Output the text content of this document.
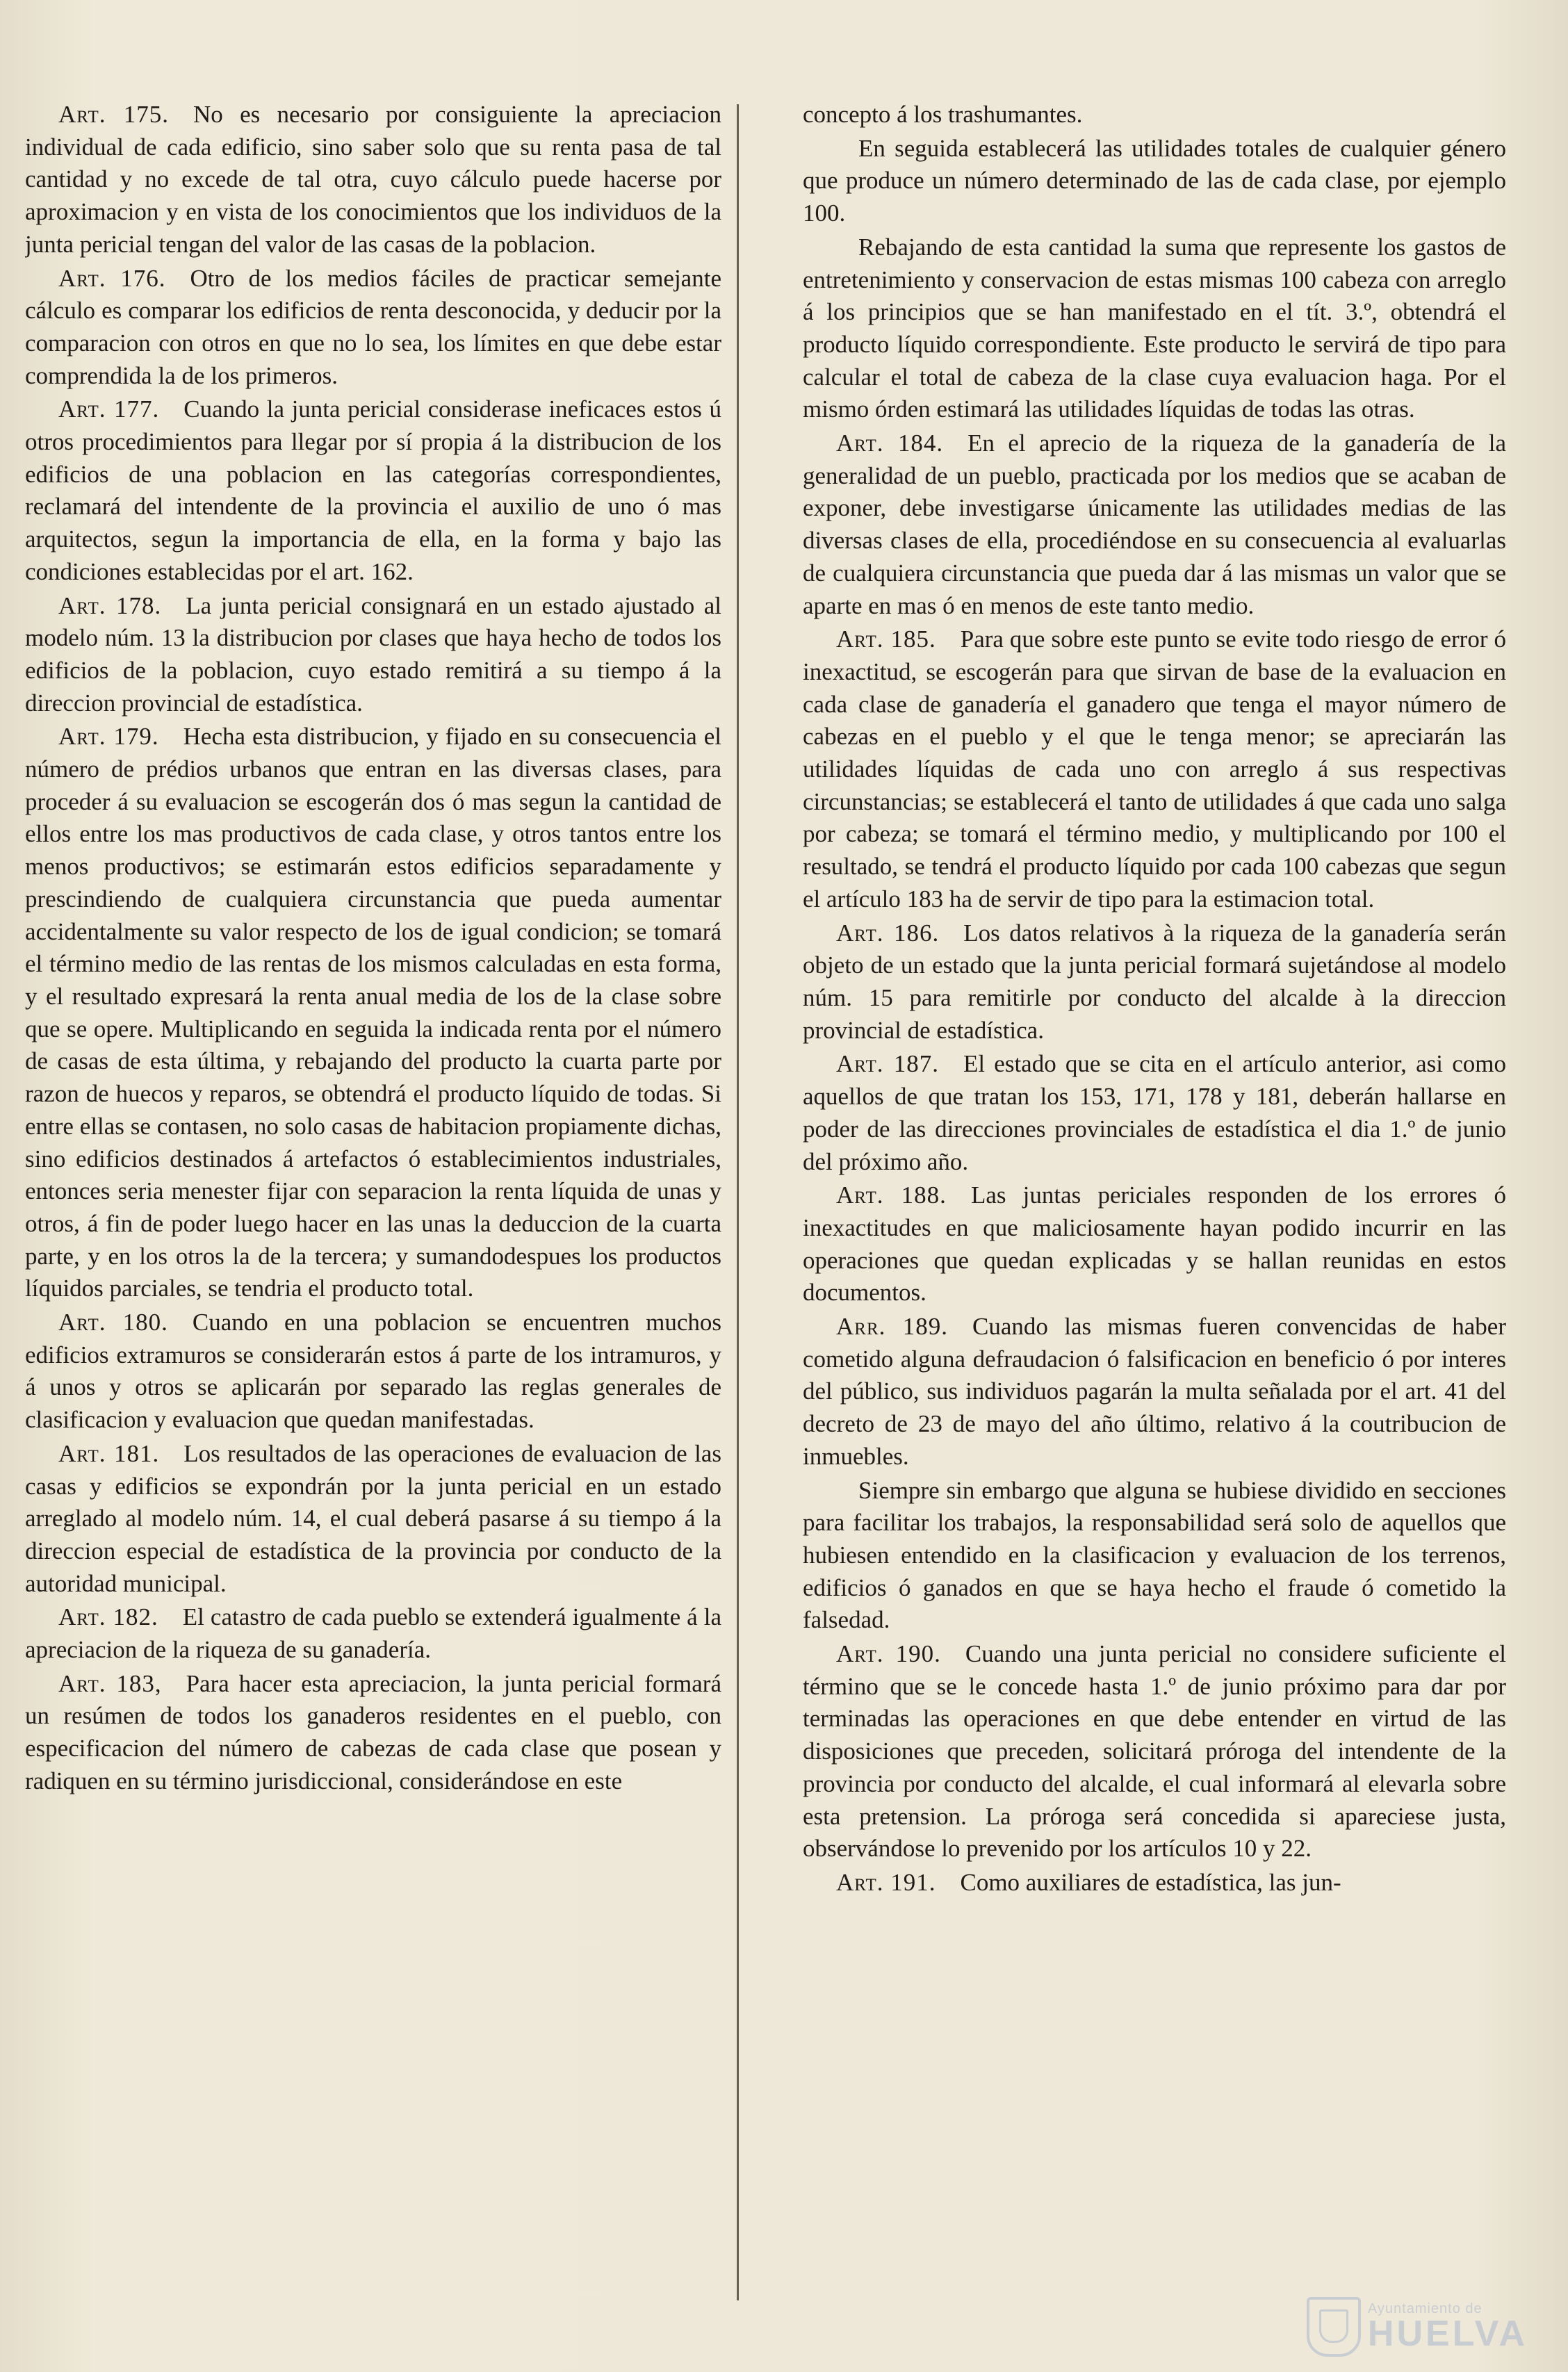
Art. 175.  No es necesario por consiguiente la apreciacion individual de cada edificio, sino saber solo que su renta pasa de tal cantidad y no excede de tal otra, cuyo cálculo puede hacerse por aproximacion y en vista de los conocimientos que los individuos de la junta pericial tengan del valor de las casas de la poblacion.

Art. 176.  Otro de los medios fáciles de practicar semejante cálculo es comparar los edificios de renta desconocida, y deducir por la comparacion con otros en que no lo sea, los límites en que debe estar comprendida la de los primeros.

Art. 177.  Cuando la junta pericial considerase ineficaces estos ú otros procedimientos para llegar por sí propia á la distribucion de los edificios de una poblacion en las categorías correspondientes, reclamará del intendente de la provincia el auxilio de uno ó mas arquitectos, segun la importancia de ella, en la forma y bajo las condiciones establecidas por el art. 162.

Art. 178.  La junta pericial consignará en un estado ajustado al modelo núm. 13 la distribucion por clases que haya hecho de todos los edificios de la poblacion, cuyo estado remitirá a su tiempo á la direccion provincial de estadística.

Art. 179.  Hecha esta distribucion, y fijado en su consecuencia el número de prédios urbanos que entran en las diversas clases, para proceder á su evaluacion se escogerán dos ó mas segun la cantidad de ellos entre los mas productivos de cada clase, y otros tantos entre los menos productivos; se estimarán estos edificios separadamente y prescindiendo de cualquiera circunstancia que pueda aumentar accidentalmente su valor respecto de los de igual condicion; se tomará el término medio de las rentas de los mismos calculadas en esta forma, y el resultado expresará la renta anual media de los de la clase sobre que se opere. Multiplicando en seguida la indicada renta por el número de casas de esta última, y rebajando del producto la cuarta parte por razon de huecos y reparos, se obtendrá el producto líquido de todas. Si entre ellas se contasen, no solo casas de habitacion propiamente dichas, sino edificios destinados á artefactos ó establecimientos industriales, entonces seria menester fijar con separacion la renta líquida de unas y otros, á fin de poder luego hacer en las unas la deduccion de la cuarta parte, y en los otros la de la tercera; y sumandodespues los productos líquidos parciales, se tendria el producto total.

Art. 180.  Cuando en una poblacion se encuentren muchos edificios extramuros se considerarán estos á parte de los intramuros, y á unos y otros se aplicarán por separado las reglas generales de clasificacion y evaluacion que quedan manifestadas.

Art. 181.  Los resultados de las operaciones de evaluacion de las casas y edificios se expondrán por la junta pericial en un estado arreglado al modelo núm. 14, el cual deberá pasarse á su tiempo á la direccion especial de estadística de la provincia por conducto de la autoridad municipal.

Art. 182.  El catastro de cada pueblo se extenderá igualmente á la apreciacion de la riqueza de su ganadería.

Art. 183,  Para hacer esta apreciacion, la junta pericial formará un resúmen de todos los ganaderos residentes en el pueblo, con especificacion del número de cabezas de cada clase que posean y radiquen en su término jurisdiccional, considerándose en este

concepto á los trashumantes.

En seguida establecerá las utilidades totales de cualquier género que produce un número determinado de las de cada clase, por ejemplo 100.

Rebajando de esta cantidad la suma que represente los gastos de entretenimiento y conservacion de estas mismas 100 cabeza con arreglo á los principios que se han manifestado en el tít. 3.º, obtendrá el producto líquido correspondiente. Este producto le servirá de tipo para calcular el total de cabeza de la clase cuya evaluacion haga. Por el mismo órden estimará las utilidades líquidas de todas las otras.

Art. 184.  En el aprecio de la riqueza de la ganadería de la generalidad de un pueblo, practicada por los medios que se acaban de exponer, debe investigarse únicamente las utilidades medias de las diversas clases de ella, procediéndose en su consecuencia al evaluarlas de cualquiera circunstancia que pueda dar á las mismas un valor que se aparte en mas ó en menos de este tanto medio.

Art. 185.  Para que sobre este punto se evite todo riesgo de error ó inexactitud, se escogerán para que sirvan de base de la evaluacion en cada clase de ganadería el ganadero que tenga el mayor número de cabezas en el pueblo y el que le tenga menor; se apreciarán las utilidades líquidas de cada uno con arreglo á sus respectivas circunstancias; se establecerá el tanto de utilidades á que cada uno salga por cabeza; se tomará el término medio, y multiplicando por 100 el resultado, se tendrá el producto líquido por cada 100 cabezas que segun el artículo 183 ha de servir de tipo para la estimacion total.

Art. 186.  Los datos relativos à la riqueza de la ganadería serán objeto de un estado que la junta pericial formará sujetándose al modelo núm. 15 para remitirle por conducto del alcalde à la direccion provincial de estadística.

Art. 187.  El estado que se cita en el artículo anterior, asi como aquellos de que tratan los 153, 171, 178 y 181, deberán hallarse en poder de las direcciones provinciales de estadística el dia 1.º de junio del próximo año.

Art. 188.  Las juntas periciales responden de los errores ó inexactitudes en que maliciosamente hayan podido incurrir en las operaciones que quedan explicadas y se hallan reunidas en estos documentos.

Arr. 189.  Cuando las mismas fueren convencidas de haber cometido alguna defraudacion ó falsificacion en beneficio ó por interes del público, sus individuos pagarán la multa señalada por el art. 41 del decreto de 23 de mayo del año último, relativo á la coutribucion de inmuebles.

Siempre sin embargo que alguna se hubiese dividido en secciones para facilitar los trabajos, la responsabilidad será solo de aquellos que hubiesen entendido en la clasificacion y evaluacion de los terrenos, edificios ó ganados en que se haya hecho el fraude ó cometido la falsedad.

Art. 190.  Cuando una junta pericial no considere suficiente el término que se le concede hasta 1.º de junio próximo para dar por terminadas las operaciones en que debe entender en virtud de las disposiciones que preceden, solicitará próroga del intendente de la provincia por conducto del alcalde, el cual informará al elevarla sobre esta pretension. La próroga será concedida si apareciese justa, observándose lo prevenido por los artículos 10 y 22.

Art. 191.  Como auxiliares de estadística, las jun-

Ayuntamiento de
HUELVA
